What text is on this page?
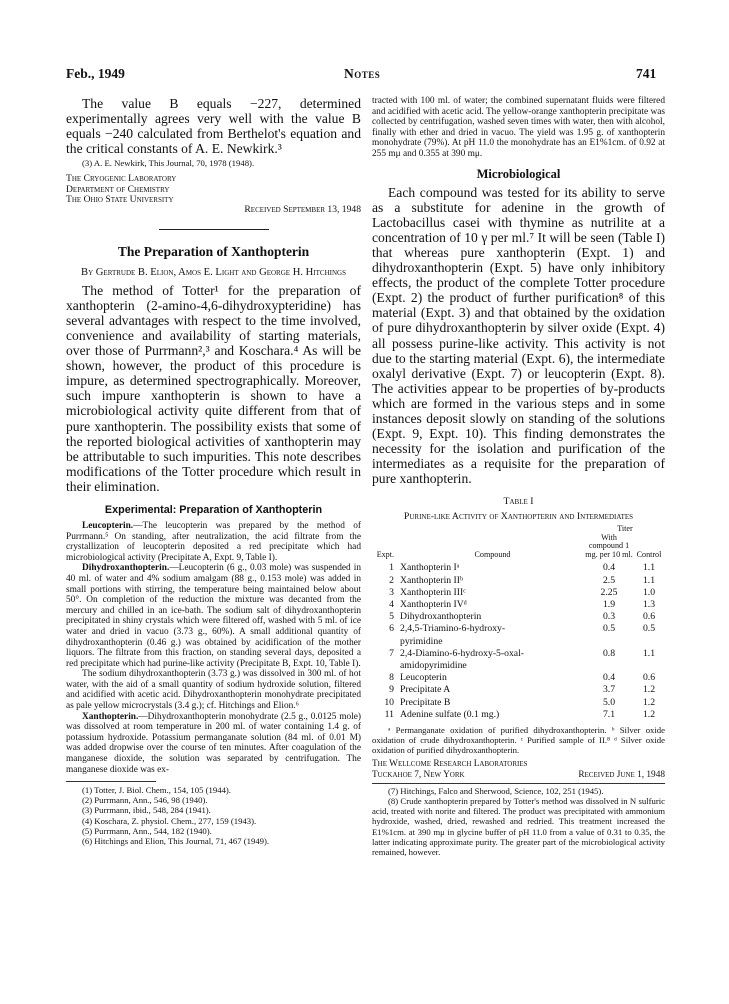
Feb., 1949	Notes	741

The value B equals −227, determined experimentally agrees very well with the value B equals −240 calculated from Berthelot's equation and the critical constants of A. E. Newkirk.³

(3) A. E. Newkirk, This Journal, 70, 1978 (1948).

The Cryogenic Laboratory
Department of Chemistry
The Ohio State University
Received September 13, 1948
The Preparation of Xanthopterin

By Gertrude B. Elion, Amos E. Light and George H. Hitchings

The method of Totter¹ for the preparation of xanthopterin (2-amino-4,6-dihydroxypteridine) has several advantages with respect to the time involved, convenience and availability of starting materials, over those of Purrmann²,³ and Koschara.⁴ As will be shown, however, the product of this procedure is impure, as determined spectrographically. Moreover, such impure xanthopterin is shown to have a microbiological activity quite different from that of pure xanthopterin. The possibility exists that some of the reported biological activities of xanthopterin may be attributable to such impurities. This note describes modifications of the Totter procedure which result in their elimination.

Experimental: Preparation of Xanthopterin

Leucopterin.—The leucopterin was prepared by the method of Purrmann.⁵ On standing, after neutralization, the acid filtrate from the crystallization of leucopterin deposited a red precipitate which had microbiological activity (Precipitate A, Expt. 9, Table I).

Dihydroxanthopterin.—Leucopterin (6 g., 0.03 mole) was suspended in 40 ml. of water and 4% sodium amalgam (88 g., 0.153 mole) was added in small portions with stirring, the temperature being maintained below about 50°. On completion of the reduction the mixture was decanted from the mercury and chilled in an ice-bath. The sodium salt of dihydroxanthopterin precipitated in shiny crystals which were filtered off, washed with 5 ml. of ice water and dried in vacuo (3.73 g., 60%). A small additional quantity of dihydroxanthopterin (0.46 g.) was obtained by acidification of the mother liquors. The filtrate from this fraction, on standing several days, deposited a red precipitate which had purine-like activity (Precipitate B, Expt. 10, Table I).

The sodium dihydroxanthopterin (3.73 g.) was dissolved in 300 ml. of hot water, with the aid of a small quantity of sodium hydroxide solution, filtered and acidified with acetic acid. Dihydroxanthopterin monohydrate precipitated as pale yellow microcrystals (3.4 g.); cf. Hitchings and Elion.⁶

Xanthopterin.—Dihydroxanthopterin monohydrate (2.5 g., 0.0125 mole) was dissolved at room temperature in 200 ml. of water containing 1.4 g. of potassium hydroxide. Potassium permanganate solution (84 ml. of 0.01 M) was added dropwise over the course of ten minutes. After coagulation of the manganese dioxide, the solution was separated by centrifugation. The manganese dioxide was ex-

(1) Totter, J. Biol. Chem., 154, 105 (1944).
(2) Purrmann, Ann., 546, 98 (1940).
(3) Purrmann, ibid., 548, 284 (1941).
(4) Koschara, Z. physiol. Chem., 277, 159 (1943).
(5) Purrmann, Ann., 544, 182 (1940).
(6) Hitchings and Elion, This Journal, 71, 467 (1949).

tracted with 100 ml. of water; the combined supernatant fluids were filtered and acidified with acetic acid. The yellow-orange xanthopterin precipitate was collected by centrifugation, washed seven times with water, then with alcohol, finally with ether and dried in vacuo. The yield was 1.95 g. of xanthopterin monohydrate (79%). At pH 11.0 the monohydrate has an E1%1cm. of 0.92 at 255 mμ and 0.355 at 390 mμ.

Microbiological

Each compound was tested for its ability to serve as a substitute for adenine in the growth of Lactobacillus casei with thymine as nutrilite at a concentration of 10 γ per ml.⁷ It will be seen (Table I) that whereas pure xanthopterin (Expt. 1) and dihydroxanthopterin (Expt. 5) have only inhibitory effects, the product of the complete Totter procedure (Expt. 2) the product of further purification⁸ of this material (Expt. 3) and that obtained by the oxidation of pure dihydroxanthopterin by silver oxide (Expt. 4) all possess purine-like activity. This activity is not due to the starting material (Expt. 6), the intermediate oxalyl derivative (Expt. 7) or leucopterin (Expt. 8). The activities appear to be properties of by-products which are formed in the various steps and in some instances deposit slowly on standing of the solutions (Expt. 9, Expt. 10). This finding demonstrates the necessity for the isolation and purification of the intermediates as a requisite for the preparation of pure xanthopterin.

Table I
Purine-like Activity of Xanthopterin and Intermediates
		Titer	
Expt.	Compound	With compound 1 mg. per 10 ml.	Control

1	Xanthopterin Iᵃ	0.4	1.1
2	Xanthopterin IIᵇ	2.5	1.1
3	Xanthopterin IIIᶜ	2.25	1.0
4	Xanthopterin IVᵈ	1.9	1.3
5	Dihydroxanthopterin	0.3	0.6
6	2,4,5-Triamino-6-hydroxy-pyrimidine	0.5	0.5
7	2,4-Diamino-6-hydroxy-5-oxal-amidopyrimidine	0.8	1.1
8	Leucopterin	0.4	0.6
9	Precipitate A	3.7	1.2
10	Precipitate B	5.0	1.2
11	Adenine sulfate (0.1 mg.)	7.1	1.2

ᵃ Permanganate oxidation of purified dihydroxanthopterin. ᵇ Silver oxide oxidation of crude dihydroxanthopterin. ᶜ Purified sample of II.⁸ ᵈ Silver oxide oxidation of purified dihydroxanthopterin.

The Wellcome Research Laboratories
Tuckahoe 7, New York	Received June 1, 1948

(7) Hitchings, Falco and Sherwood, Science, 102, 251 (1945).

(8) Crude xanthopterin prepared by Totter's method was dissolved in N sulfuric acid, treated with norite and filtered. The product was precipitated with ammonium hydroxide, washed, dried, rewashed and redried. This treatment increased the E1%1cm. at 390 mμ in glycine buffer of pH 11.0 from a value of 0.31 to 0.35, the latter indicating approximate purity. The greater part of the microbiological activity remained, however.
